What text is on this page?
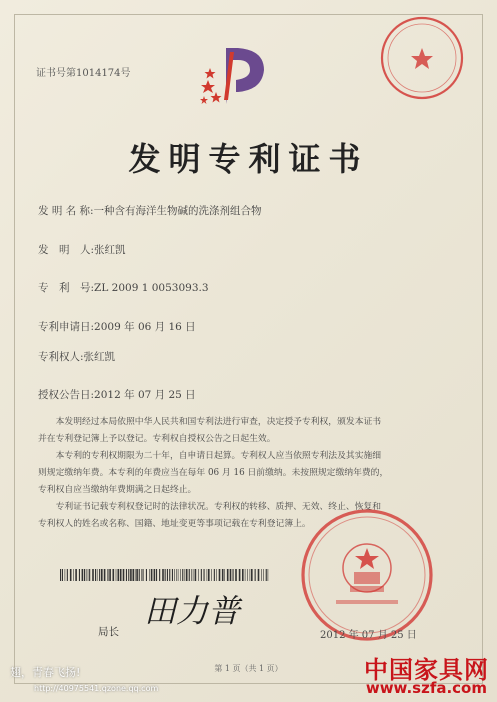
证书号第1014174号
发明专利证书
发 明 名 称:一种含有海洋生物碱的洗涤剂组合物
发　明　人:张红凯
专　利　号:ZL 2009 1 0053093.3
专利申请日:2009 年 06 月 16 日
专利权人:张红凯
授权公告日:2012 年 07 月 25 日

本发明经过本局依照中华人民共和国专利法进行审查，决定授予专利权，颁发本证书

并在专利登记簿上予以登记。专利权自授权公告之日起生效。

本专利的专利权期限为二十年，自申请日起算。专利权人应当依照专利法及其实施细

则规定缴纳年费。本专利的年费应当在每年 06 月 16 日前缴纳。未按照规定缴纳年费的，

专利权自应当缴纳年费期满之日起终止。

专利证书记载专利权登记时的法律状况。专利权的转移、质押、无效、终止、恢复和

专利权人的姓名或名称、国籍、地址变更等事项记载在专利登记簿上。

局长
田力普
2012 年 07 月 25 日
第 1 页（共 1 页）
翅，青春飞扬!
http://40975541.qzone.qq.com
中国家具网
www.szfa.com
